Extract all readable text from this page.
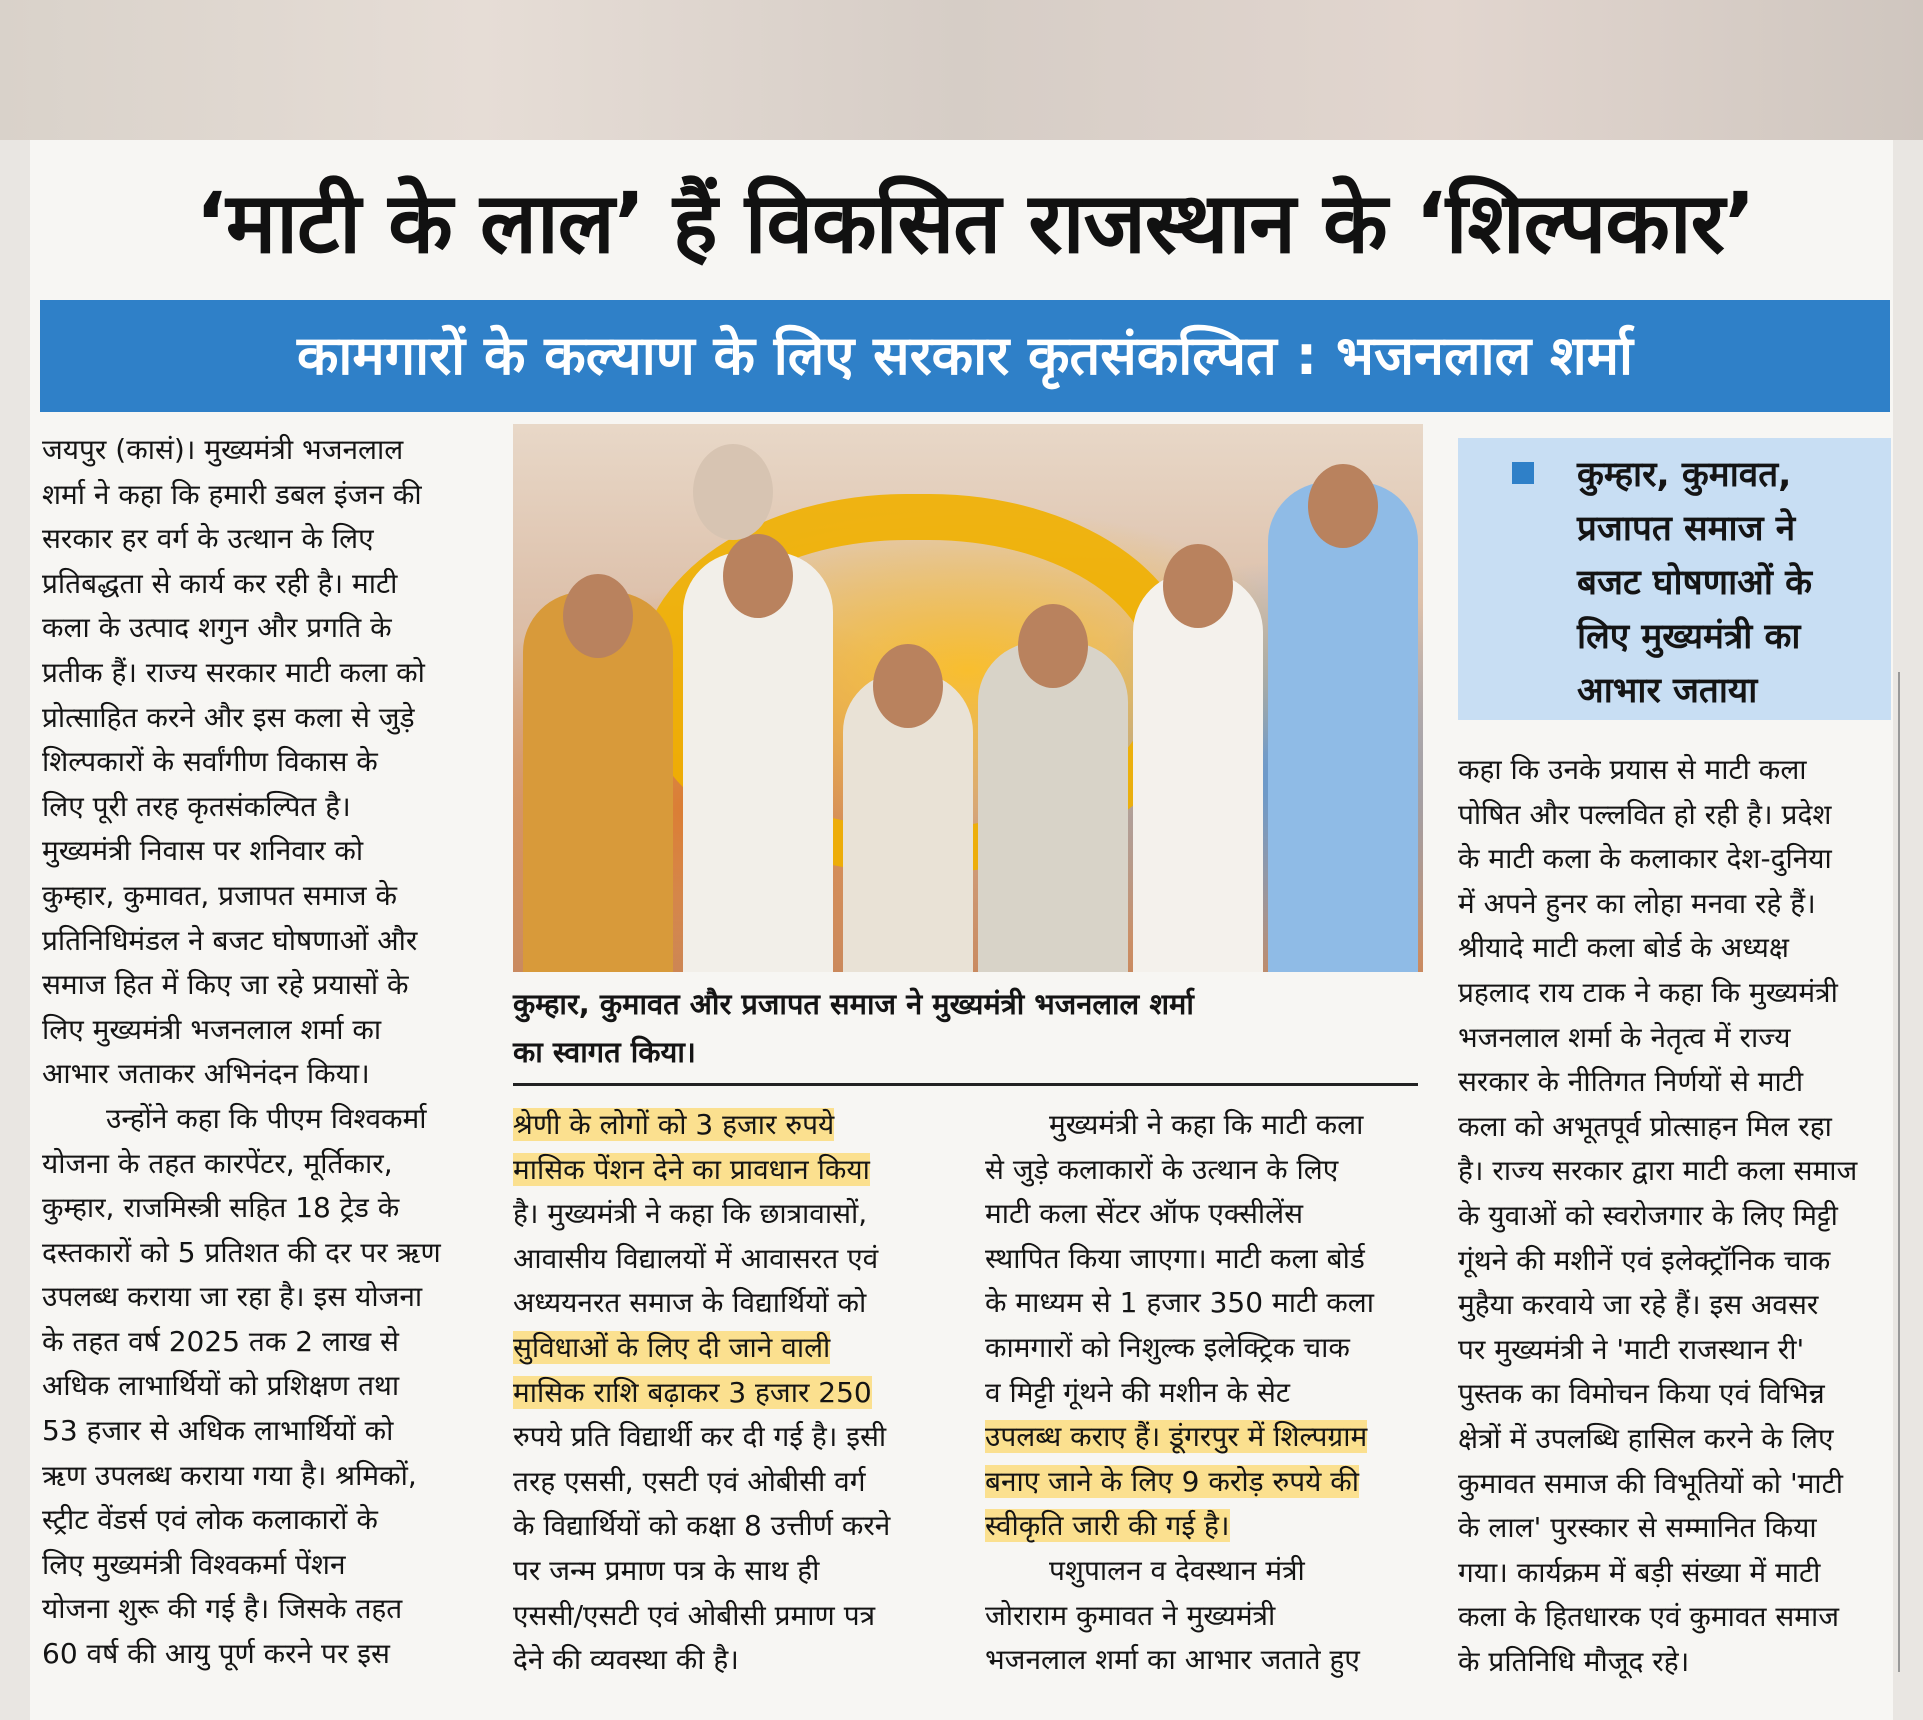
‘माटी के लाल’ हैं विकसित राजस्थान के ‘शिल्पकार’
कामगारों के कल्याण के लिए सरकार कृतसंकल्पित : भजनलाल शर्मा
जयपुर (कासं)। मुख्यमंत्री भजनलाल
शर्मा ने कहा कि हमारी डबल इंजन की
सरकार हर वर्ग के उत्थान के लिए
प्रतिबद्धता से कार्य कर रही है। माटी
कला के उत्पाद शगुन और प्रगति के
प्रतीक हैं। राज्य सरकार माटी कला को
प्रोत्साहित करने और इस कला से जुड़े
शिल्पकारों के सर्वांगीण विकास के
लिए पूरी तरह कृतसंकल्पित है।
मुख्यमंत्री निवास पर शनिवार को
कुम्हार, कुमावत, प्रजापत समाज के
प्रतिनिधिमंडल ने बजट घोषणाओं और
समाज हित में किए जा रहे प्रयासों के
लिए मुख्यमंत्री भजनलाल शर्मा का
आभार जताकर अभिनंदन किया।
उन्होंने कहा कि पीएम विश्वकर्मा
योजना के तहत कारपेंटर, मूर्तिकार,
कुम्हार, राजमिस्त्री सहित 18 ट्रेड के
दस्तकारों को 5 प्रतिशत की दर पर ऋण
उपलब्ध कराया जा रहा है। इस योजना
के तहत वर्ष 2025 तक 2 लाख से
अधिक लाभार्थियों को प्रशिक्षण तथा
53 हजार से अधिक लाभार्थियों को
ऋण उपलब्ध कराया गया है। श्रमिकों,
स्ट्रीट वेंडर्स एवं लोक कलाकारों के
लिए मुख्यमंत्री विश्वकर्मा पेंशन
योजना शुरू की गई है। जिसके तहत
60 वर्ष की आयु पूर्ण करने पर इस
कुम्हार, कुमावत और प्रजापत समाज ने मुख्यमंत्री भजनलाल शर्मा
का स्वागत किया।
श्रेणी के लोगों को 3 हजार रुपये
मासिक पेंशन देने का प्रावधान किया
है। मुख्यमंत्री ने कहा कि छात्रावासों,
आवासीय विद्यालयों में आवासरत एवं
अध्ययनरत समाज के विद्यार्थियों को
सुविधाओं के लिए दी जाने वाली
मासिक राशि बढ़ाकर 3 हजार 250
रुपये प्रति विद्यार्थी कर दी गई है। इसी
तरह एससी, एसटी एवं ओबीसी वर्ग
के विद्यार्थियों को कक्षा 8 उत्तीर्ण करने
पर जन्म प्रमाण पत्र के साथ ही
एससी/एसटी एवं ओबीसी प्रमाण पत्र
देने की व्यवस्था की है।
मुख्यमंत्री ने कहा कि माटी कला
से जुड़े कलाकारों के उत्थान के लिए
माटी कला सेंटर ऑफ एक्सीलेंस
स्थापित किया जाएगा। माटी कला बोर्ड
के माध्यम से 1 हजार 350 माटी कला
कामगारों को निशुल्क इलेक्ट्रिक चाक
व मिट्टी गूंथने की मशीन के सेट
उपलब्ध कराए हैं। डूंगरपुर में शिल्पग्राम
बनाए जाने के लिए 9 करोड़ रुपये की
स्वीकृति जारी की गई है।
पशुपालन व देवस्थान मंत्री
जोराराम कुमावत ने मुख्यमंत्री
भजनलाल शर्मा का आभार जताते हुए
कुम्हार, कुमावत,
प्रजापत समाज ने
बजट घोषणाओं के
लिए मुख्यमंत्री का
आभार जताया
कहा कि उनके प्रयास से माटी कला
पोषित और पल्लवित हो रही है। प्रदेश
के माटी कला के कलाकार देश-दुनिया
में अपने हुनर का लोहा मनवा रहे हैं।
श्रीयादे माटी कला बोर्ड के अध्यक्ष
प्रहलाद राय टाक ने कहा कि मुख्यमंत्री
भजनलाल शर्मा के नेतृत्व में राज्य
सरकार के नीतिगत निर्णयों से माटी
कला को अभूतपूर्व प्रोत्साहन मिल रहा
है। राज्य सरकार द्वारा माटी कला समाज
के युवाओं को स्वरोजगार के लिए मिट्टी
गूंथने की मशीनें एवं इलेक्ट्रॉनिक चाक
मुहैया करवाये जा रहे हैं। इस अवसर
पर मुख्यमंत्री ने 'माटी राजस्थान री'
पुस्तक का विमोचन किया एवं विभिन्न
क्षेत्रों में उपलब्धि हासिल करने के लिए
कुमावत समाज की विभूतियों को 'माटी
के लाल' पुरस्कार से सम्मानित किया
गया। कार्यक्रम में बड़ी संख्या में माटी
कला के हितधारक एवं कुमावत समाज
के प्रतिनिधि मौजूद रहे।
